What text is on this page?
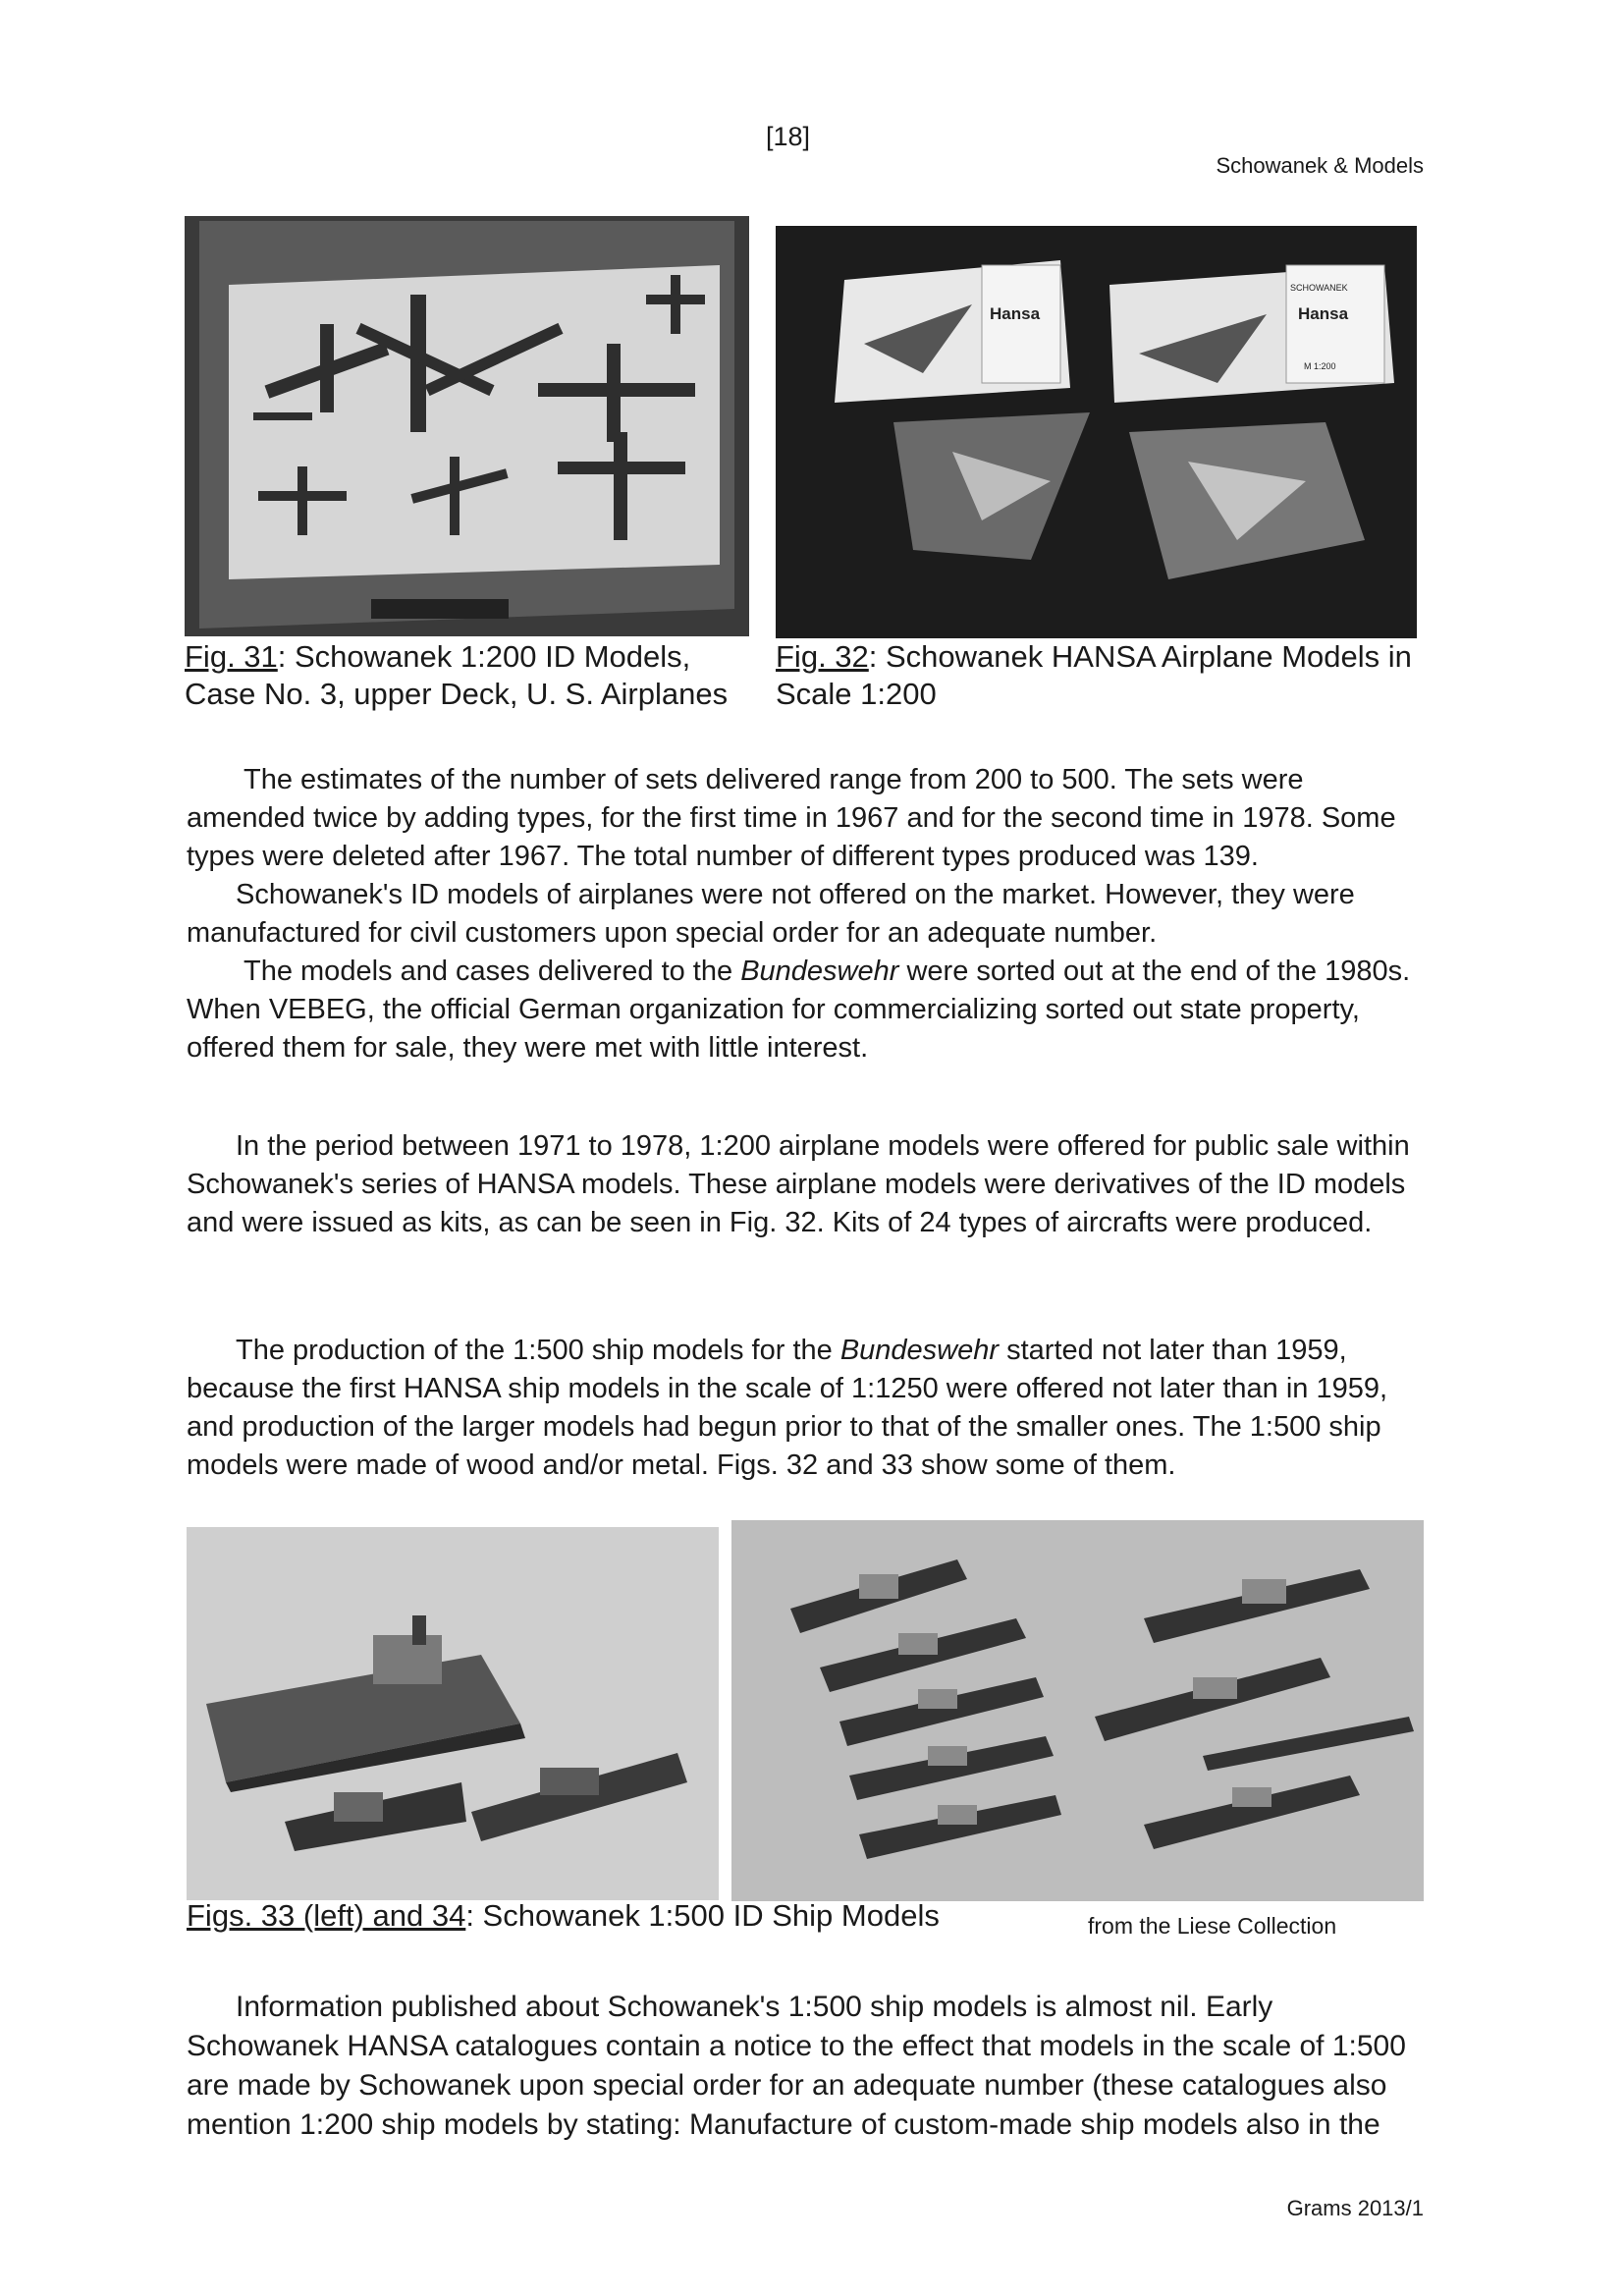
[18]
Schowanek & Models
Hansa	Hansa
SCHOWANEK
M 1:200
Fig. 31: Schowanek 1:200 ID Models, Case No. 3, upper Deck, U. S. Airplanes
Fig. 32: Schowanek HANSA Airplane Models in Scale 1:200

The estimates of the number of sets delivered range from 200 to 500. The sets were amended twice by adding types, for the first time in 1967 and for the second time in 1978. Some types were deleted after 1967. The total number of different types produced was 139.

Schowanek's ID models of airplanes were not offered on the market. However, they were manufactured for civil customers upon special order for an adequate number.

The models and cases delivered to the Bundeswehr were sorted out at the end of the 1980s. When VEBEG, the official German organization for commercializing sorted out state property, offered them for sale, they were met with little interest.

In the period between 1971 to 1978, 1:200 airplane models were offered for public sale within Schowanek's series of HANSA models. These airplane models were derivatives of the ID models and were issued as kits, as can be seen in Fig. 32. Kits of 24 types of aircrafts were produced.

The production of the 1:500 ship models for the Bundeswehr started not later than 1959, because the first HANSA ship models in the scale of 1:1250 were offered not later than in 1959, and production of the larger models had begun prior to that of the smaller ones. The 1:500 ship models were made of wood and/or metal. Figs. 32 and 33 show some of them.

Figs. 33 (left) and 34: Schowanek 1:500 ID Ship Models	from the Liese Collection

Information published about Schowanek's 1:500 ship models is almost nil. Early Schowanek HANSA catalogues contain a notice to the effect that models in the scale of 1:500 are made by Schowanek upon special order for an adequate number (these catalogues also mention 1:200 ship models by stating: Manufacture of custom-made ship models also in the

Grams 2013/1
